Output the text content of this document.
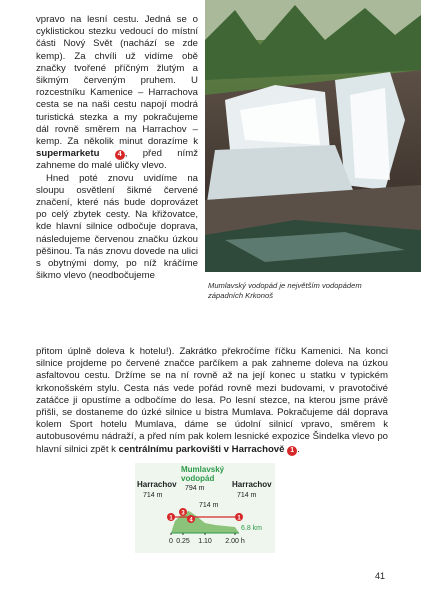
vpravo na lesní cestu. Jedná se o cyklistickou stezku vedoucí do místní části Nový Svět (nachází se zde kemp). Za chvíli už vidíme obě značky tvořené příčným žlutým a šikmým červeným pruhem. U rozcestníku Kamenice – Harrachova cesta se na naši cestu napojí modrá turistická stezka a my pokračujeme dál rovně směrem na Harrachov – kemp. Za několik minut dorazíme k supermarketu	4 , před nímž zahneme do malé uličky vlevo.

Hned poté znovu uvidíme na sloupu osvětlení šikmé červené značení, které nás bude doprovázet po celý zbytek cesty. Na křižovatce, kde hlavní silnice odbočuje doprava, následujeme červenou značku úzkou pěšinou. Ta nás znovu dovede na ulici s obytnými domy, po níž kráčíme šikmo vlevo (neodbočujeme

Mumlavský vodopád je největším vodopádem západních Krkonoš

přitom úplně doleva k hotelu!). Zakrátko překročíme říčku Kamenici. Na konci silnice projdeme po červené značce parčíkem a pak zahneme doleva na úzkou asfaltovou cestu. Držíme se na ní rovně až na její konec u statku v typickém krkonošském stylu. Cesta nás vede pořád rovně mezi budovami, v pravotočivé zatáčce ji opustíme a odbočíme do lesa. Po lesní stezce, na kterou jsme právě přišli, se dostaneme do úzké silnice u bistra Mumlava. Pokračujeme dál doprava kolem Sport hotelu Mumlava, dáme se údolní silnicí vpravo, směrem k autobusovému nádraží, a před ním pak kolem lesnické expozice Šindelka vlevo po hlavní silnici zpět k centrálnímu parkovišti v Harrachově 1 .

1
3
4	1
Harrachov
714 m
Mumlavský
vodopád
794 m	Harrachov
714 m
714 m
6.8 km
0 0.25 1.10 2.00 h
41
